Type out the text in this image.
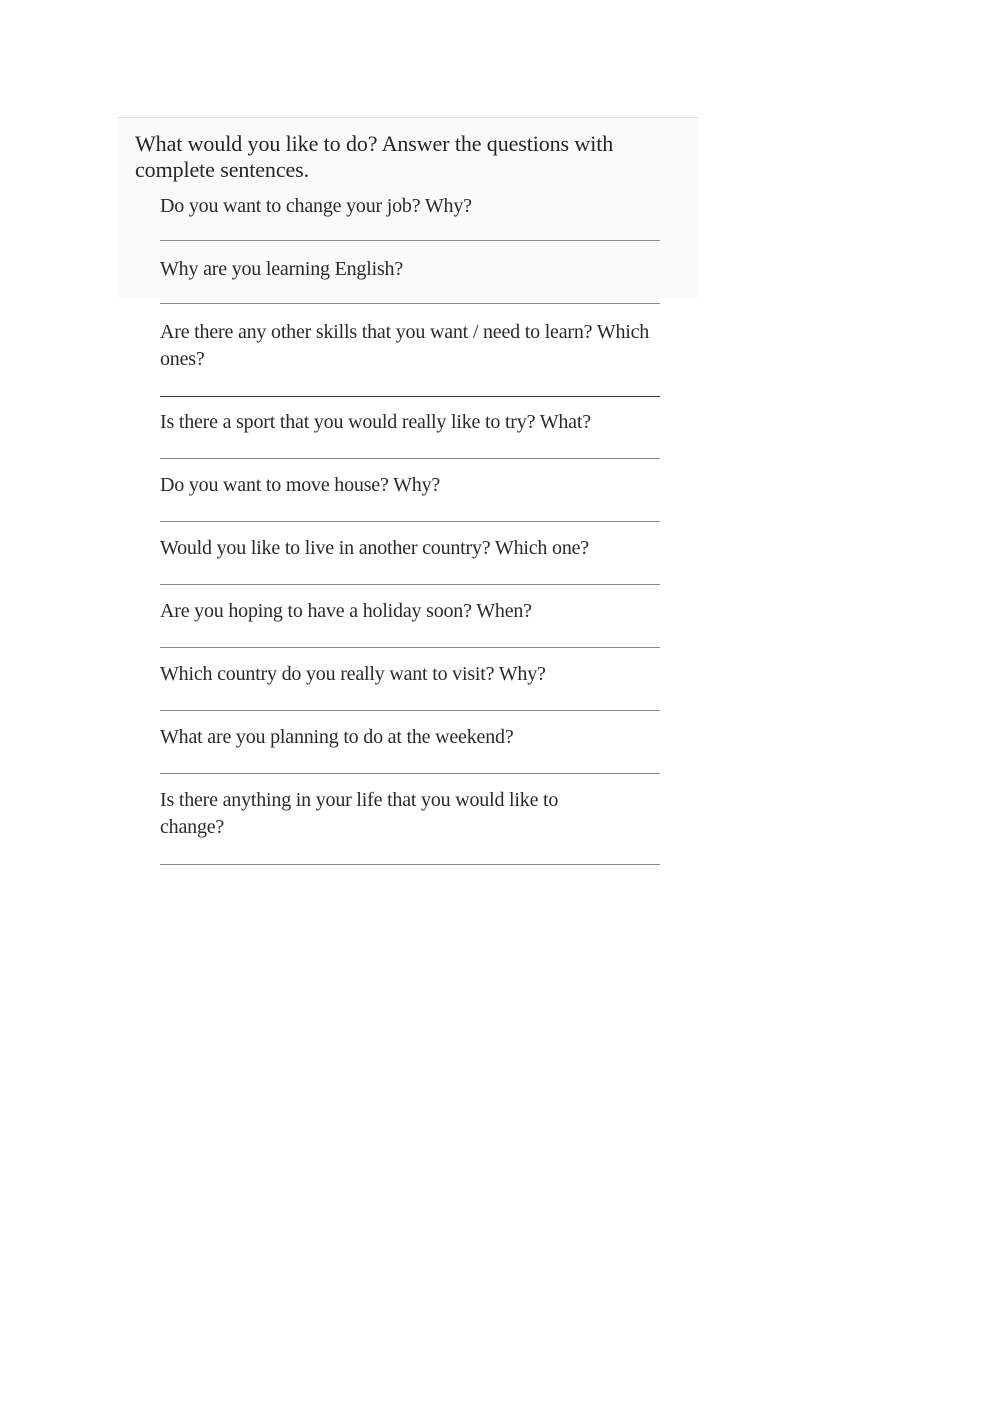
What would you like to do? Answer the questions with complete sentences.
Do you want to change your job? Why?
Why are you learning English?
Are there any other skills that you want / need to learn? Which ones?
Is there a sport that you would really like to try? What?
Do you want to move house? Why?
Would you like to live in another country? Which one?
Are you hoping to have a holiday soon? When?
Which country do you really want to visit? Why?
What are you planning to do at the weekend?
Is there anything in your life that you would like to change?
